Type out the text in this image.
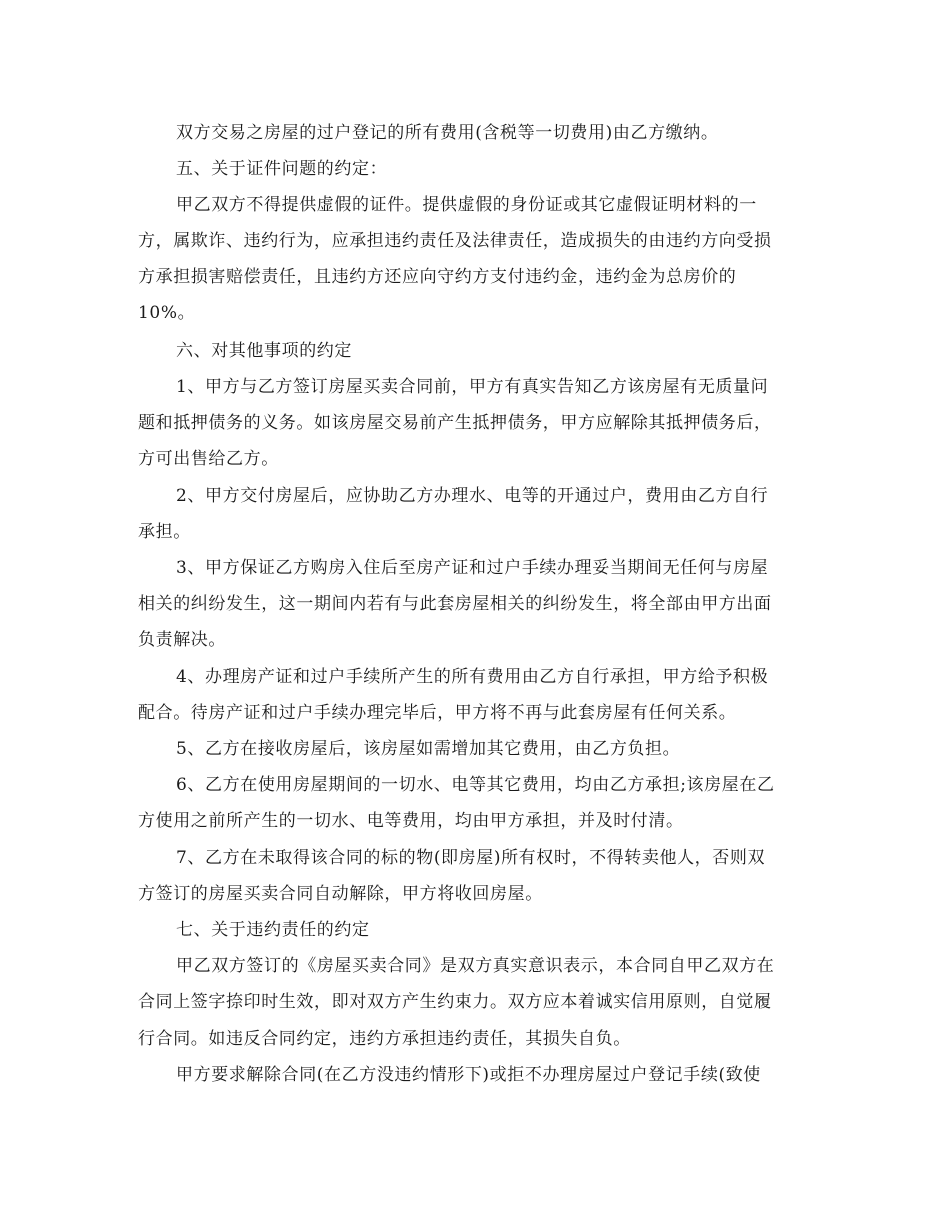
双方交易之房屋的过户登记的所有费用(含税等一切费用)由乙方缴纳。
五、关于证件问题的约定：
甲乙双方不得提供虚假的证件。提供虚假的身份证或其它虚假证明材料的一
方，属欺诈、违约行为，应承担违约责任及法律责任，造成损失的由违约方向受损
方承担损害赔偿责任，且违约方还应向守约方支付违约金，违约金为总房价的
10%。
六、对其他事项的约定
1、甲方与乙方签订房屋买卖合同前，甲方有真实告知乙方该房屋有无质量问
题和抵押债务的义务。如该房屋交易前产生抵押债务，甲方应解除其抵押债务后，
方可出售给乙方。
2、甲方交付房屋后，应协助乙方办理水、电等的开通过户，费用由乙方自行
承担。
3、甲方保证乙方购房入住后至房产证和过户手续办理妥当期间无任何与房屋
相关的纠纷发生，这一期间内若有与此套房屋相关的纠纷发生，将全部由甲方出面
负责解决。
4、办理房产证和过户手续所产生的所有费用由乙方自行承担，甲方给予积极
配合。待房产证和过户手续办理完毕后，甲方将不再与此套房屋有任何关系。
5、乙方在接收房屋后，该房屋如需增加其它费用，由乙方负担。
6、乙方在使用房屋期间的一切水、电等其它费用，均由乙方承担;该房屋在乙
方使用之前所产生的一切水、电等费用，均由甲方承担，并及时付清。
7、乙方在未取得该合同的标的物(即房屋)所有权时，不得转卖他人，否则双
方签订的房屋买卖合同自动解除，甲方将收回房屋。
七、关于违约责任的约定
甲乙双方签订的《房屋买卖合同》是双方真实意识表示，本合同自甲乙双方在
合同上签字捺印时生效，即对双方产生约束力。双方应本着诚实信用原则，自觉履
行合同。如违反合同约定，违约方承担违约责任，其损失自负。
甲方要求解除合同(在乙方没违约情形下)或拒不办理房屋过户登记手续(致使
